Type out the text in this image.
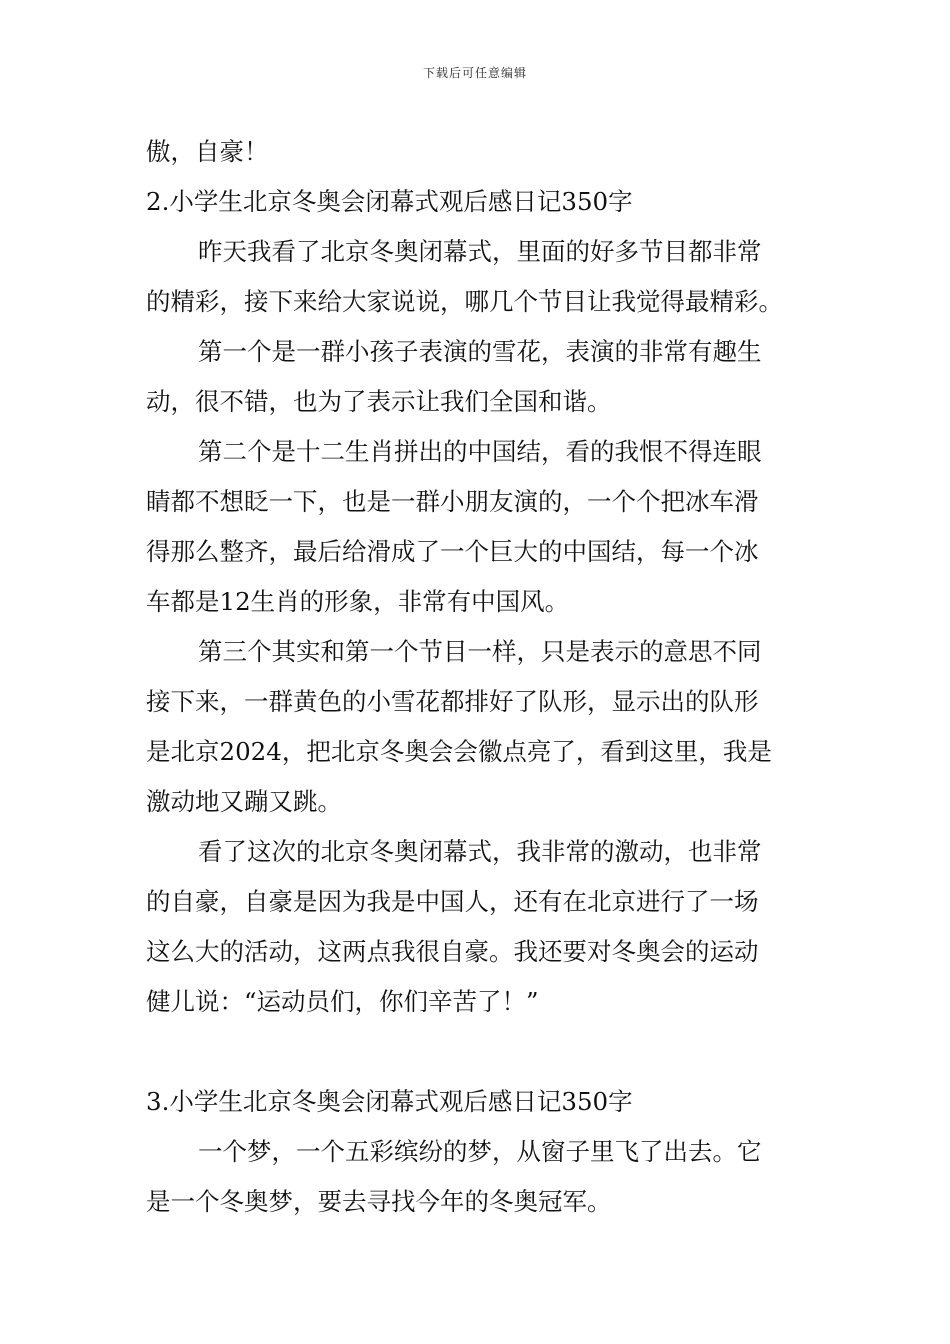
下载后可任意编辑
傲，自豪！
2.小学生北京冬奥会闭幕式观后感日记350字
昨天我看了北京冬奥闭幕式，里面的好多节目都非常
的精彩，接下来给大家说说，哪几个节目让我觉得最精彩。
第一个是一群小孩子表演的雪花，表演的非常有趣生
动，很不错，也为了表示让我们全国和谐。
第二个是十二生肖拼出的中国结，看的我恨不得连眼
睛都不想眨一下，也是一群小朋友演的，一个个把冰车滑
得那么整齐，最后给滑成了一个巨大的中国结，每一个冰
车都是12生肖的形象，非常有中国风。
第三个其实和第一个节目一样，只是表示的意思不同
接下来，一群黄色的小雪花都排好了队形，显示出的队形
是北京2024，把北京冬奥会会徽点亮了，看到这里，我是
激动地又蹦又跳。
看了这次的北京冬奥闭幕式，我非常的激动，也非常
的自豪，自豪是因为我是中国人，还有在北京进行了一场
这么大的活动，这两点我很自豪。我还要对冬奥会的运动
健儿说：“运动员们，你们辛苦了！”
3.小学生北京冬奥会闭幕式观后感日记350字
一个梦，一个五彩缤纷的梦，从窗子里飞了出去。它
是一个冬奥梦，要去寻找今年的冬奥冠军。
